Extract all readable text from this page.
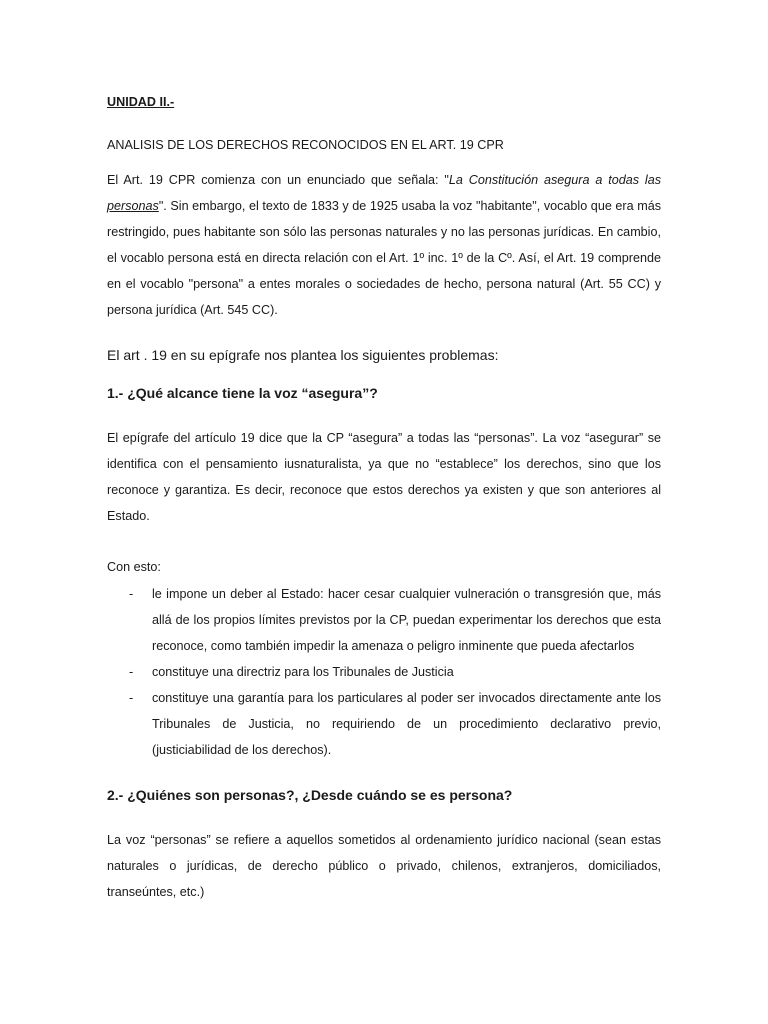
UNIDAD II.-
ANALISIS DE LOS DERECHOS RECONOCIDOS EN EL ART. 19 CPR
El Art. 19 CPR comienza con un enunciado que señala: "La Constitución asegura a todas las
personas". Sin embargo, el texto de 1833 y de 1925 usaba la voz "habitante", vocablo que era más
restringido, pues habitante son sólo las personas naturales y no las personas jurídicas. En cambio,
el vocablo persona está en directa relación con el Art. 1º inc. 1º de la Cº. Así, el Art. 19 comprende
en el vocablo "persona" a entes morales o sociedades de hecho, persona natural (Art. 55 CC) y
persona jurídica (Art. 545 CC).
El art . 19 en su epígrafe nos plantea los siguientes problemas:
1.- ¿Qué alcance tiene la voz “asegura”?
El epígrafe del artículo 19 dice que la CP “asegura” a todas las “personas”. La voz “asegurar” se
identifica con el pensamiento iusnaturalista, ya que no “establece” los derechos, sino que los
reconoce y garantiza. Es decir, reconoce que estos derechos ya existen y que son anteriores al
Estado.
Con esto:
- le impone un deber al Estado: hacer cesar cualquier vulneración o transgresión que, más
allá de los propios límites previstos por la CP, puedan experimentar los derechos que esta
reconoce, como también impedir la amenaza o peligro inminente que pueda afectarlos
- constituye una directriz para los Tribunales de Justicia
- constituye una garantía para los particulares al poder ser invocados directamente ante los
Tribunales de Justicia, no requiriendo de un procedimiento declarativo previo,
(justiciabilidad de los derechos).
2.- ¿Quiénes son personas?, ¿Desde cuándo se es persona?
La voz “personas” se refiere a aquellos sometidos al ordenamiento jurídico nacional (sean estas
naturales o jurídicas, de derecho público o privado, chilenos, extranjeros, domiciliados,
transeúntes, etc.)
